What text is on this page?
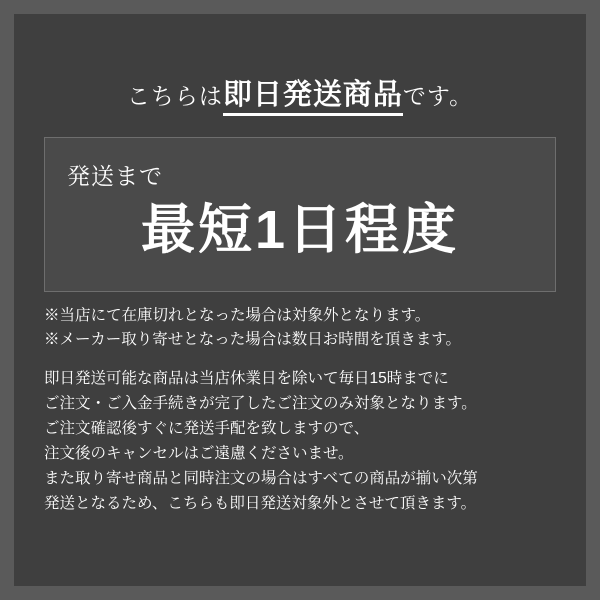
こちらは即日発送商品です。
発送まで
最短1日程度
※当店にて在庫切れとなった場合は対象外となります。
※メーカー取り寄せとなった場合は数日お時間を頂きます。
即日発送可能な商品は当店休業日を除いて毎日15時までに
ご注文・ご入金手続きが完了したご注文のみ対象となります。
ご注文確認後すぐに発送手配を致しますので、
注文後のキャンセルはご遠慮くださいませ。
また取り寄せ商品と同時注文の場合はすべての商品が揃い次第
発送となるため、こちらも即日発送対象外とさせて頂きます。
